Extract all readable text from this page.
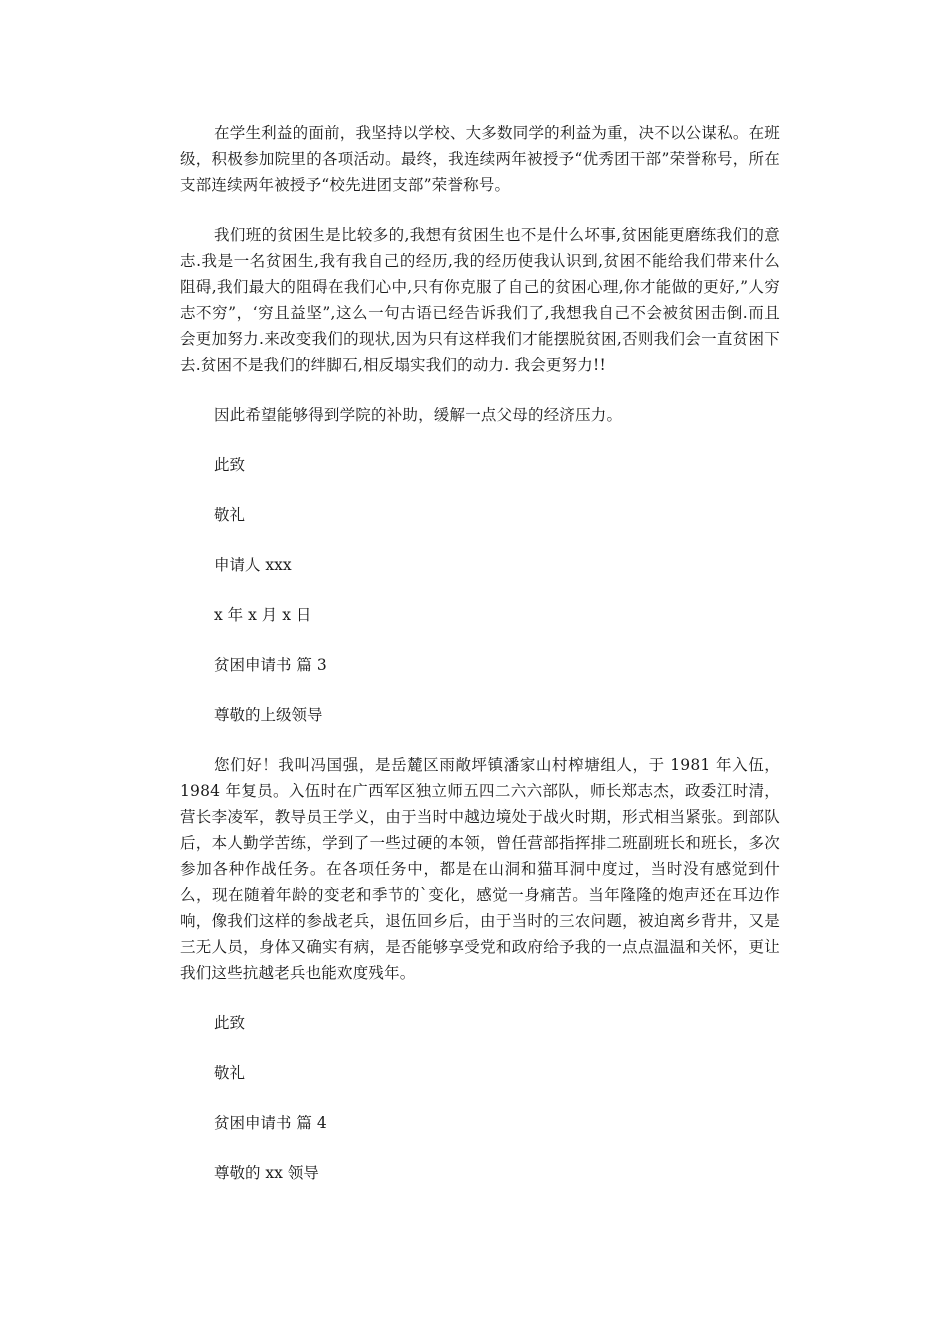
在学生利益的面前，我坚持以学校、大多数同学的利益为重，决不以公谋私。在班级，积极参加院里的各项活动。最终，我连续两年被授予“优秀团干部”荣誉称号，所在支部连续两年被授予“校先进团支部”荣誉称号。

我们班的贫困生是比较多的,我想有贫困生也不是什么坏事,贫困能更磨练我们的意志.我是一名贫困生,我有我自己的经历,我的经历使我认识到,贫困不能给我们带来什么阻碍,我们最大的阻碍在我们心中,只有你克服了自己的贫困心理,你才能做的更好,”人穷志不穷”，‘穷且益坚”,这么一句古语已经告诉我们了,我想我自己不会被贫困击倒.而且会更加努力.来改变我们的现状,因为只有这样我们才能摆脱贫困,否则我们会一直贫困下去.贫困不是我们的绊脚石,相反塌实我们的动力. 我会更努力!!

因此希望能够得到学院的补助，缓解一点父母的经济压力。

此致

敬礼

申请人 xxx

x 年 x 月 x 日

贫困申请书 篇 3

尊敬的上级领导

您们好！我叫冯国强，是岳麓区雨敞坪镇潘家山村榨塘组人，于 1981 年入伍，1984 年复员。入伍时在广西军区独立师五四二六六部队，师长郑志杰，政委江时清，营长李凌军，教导员王学义，由于当时中越边境处于战火时期，形式相当紧张。到部队后，本人勤学苦练，学到了一些过硬的本领，曾任营部指挥排二班副班长和班长，多次参加各种作战任务。在各项任务中，都是在山洞和猫耳洞中度过，当时没有感觉到什么，现在随着年龄的变老和季节的`变化，感觉一身痛苦。当年隆隆的炮声还在耳边作响，像我们这样的参战老兵，退伍回乡后，由于当时的三农问题，被迫离乡背井，又是三无人员，身体又确实有病，是否能够享受党和政府给予我的一点点温温和关怀，更让我们这些抗越老兵也能欢度残年。

此致

敬礼

贫困申请书 篇 4

尊敬的 xx 领导
